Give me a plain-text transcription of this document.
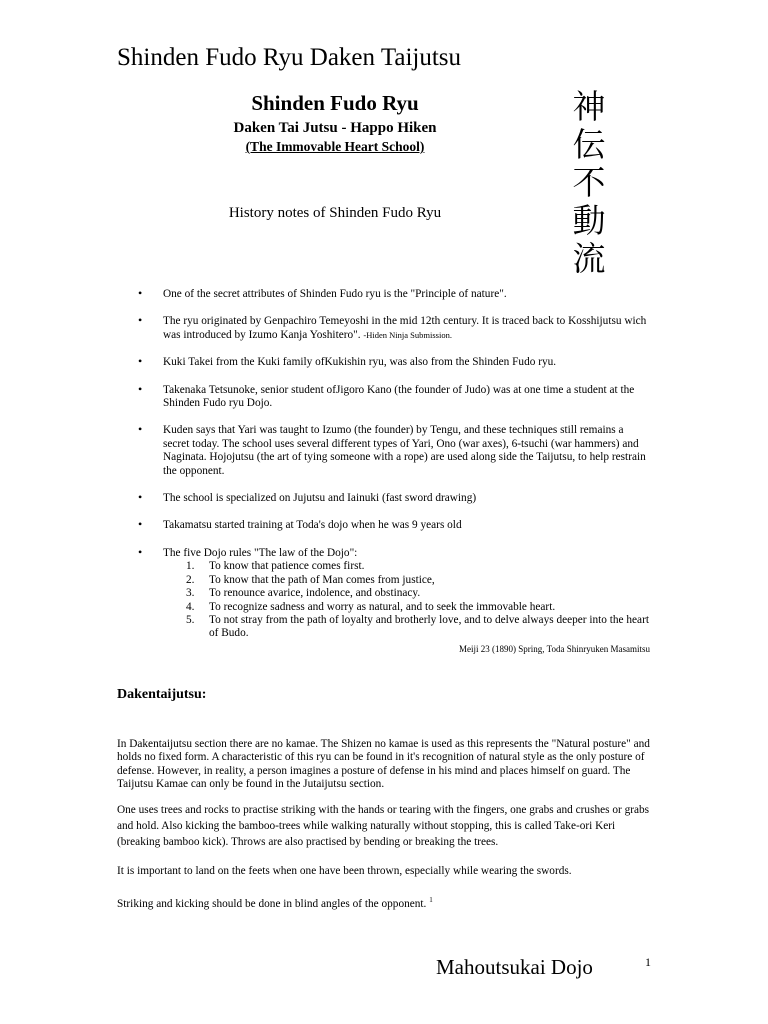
Shinden Fudo Ryu Daken Taijutsu
Shinden Fudo Ryu
Daken Tai Jutsu - Happo Hiken
(The Immovable Heart School)
History notes of Shinden Fudo Ryu
神
伝
不
動
流
• One of the secret attributes of Shinden Fudo ryu is the "Principle of nature".
• The ryu originated by Genpachiro Temeyoshi in the mid 12th century. It is traced back to Kosshijutsu wich was introduced by Izumo Kanja Yoshitero". -Hiden Ninja Submission.
• Kuki Takei from the Kuki family ofKukishin ryu, was also from the Shinden Fudo ryu.
• Takenaka Tetsunoke, senior student ofJigoro Kano (the founder of Judo) was at one time a student at the Shinden Fudo ryu Dojo.
• Kuden says that Yari was taught to Izumo (the founder) by Tengu, and these techniques still remains a secret today. The school uses several different types of Yari, Ono (war axes), 6-tsuchi (war hammers) and Naginata. Hojojutsu (the art of tying someone with a rope) are used along side the Taijutsu, to help restrain the opponent.
• The school is specialized on Jujutsu and Iainuki (fast sword drawing)
• Takamatsu started training at Toda's dojo when he was 9 years old
• The five Dojo rules "The law of the Dojo":
1. To know that patience comes first.
2. To know that the path of Man comes from justice,
3. To renounce avarice, indolence, and obstinacy.
4. To recognize sadness and worry as natural, and to seek the immovable heart.
5. To not stray from the path of loyalty and brotherly love, and to delve always deeper into the heart of Budo.
Meiji 23 (1890) Spring, Toda Shinryuken Masamitsu
Dakentaijutsu:

In Dakentaijutsu section there are no kamae. The Shizen no kamae is used as this represents the "Natural posture" and holds no fixed form. A characteristic of this ryu can be found in it's recognition of natural style as the only posture of defense. However, in reality, a person imagines a posture of defense in his mind and places himself on guard. The Taijutsu Kamae can only be found in the Jutaijutsu section.

One uses trees and rocks to practise striking with the hands or tearing with the fingers, one grabs and crushes or grabs and hold. Also kicking the bamboo-trees while walking naturally without stopping, this is called Take-ori Keri (breaking bamboo kick). Throws are also practised by bending or breaking the trees.

It is important to land on the feets when one have been thrown, especially while wearing the swords.

Striking and kicking should be done in blind angles of the opponent. $^1$

Mahoutsukai Dojo	1
